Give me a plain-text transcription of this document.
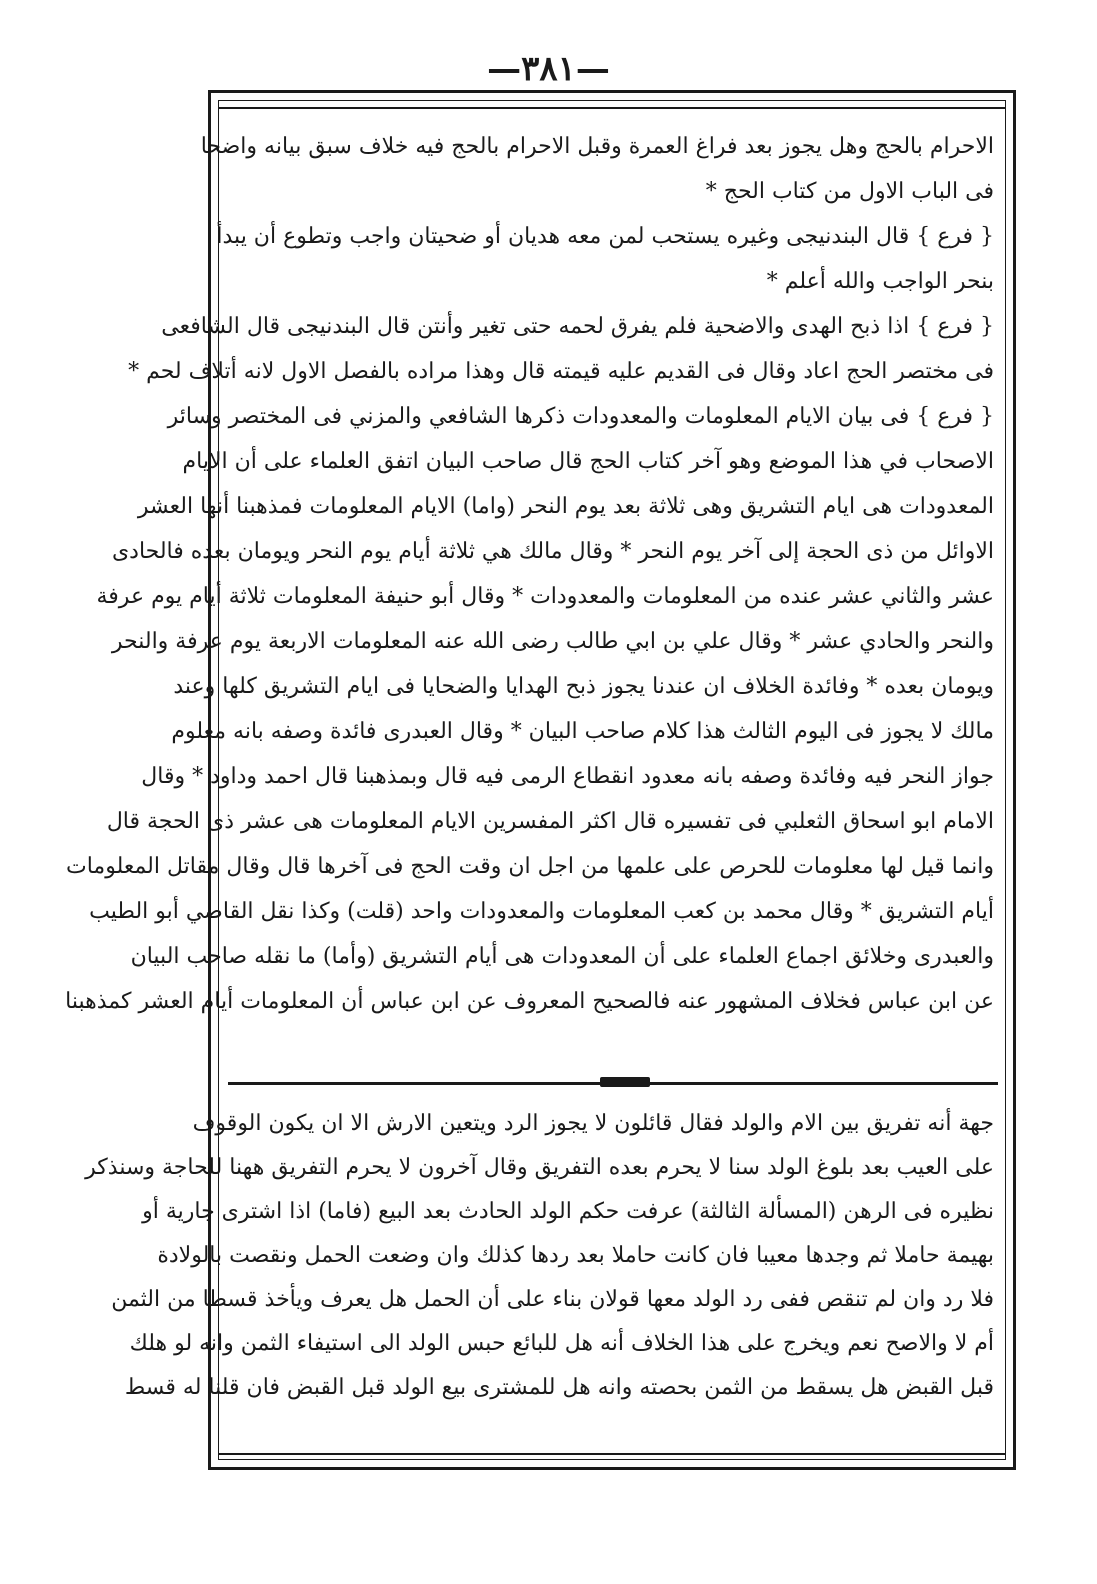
—٣٨١—
الاحرام بالحج وهل يجوز بعد فراغ العمرة وقبل الاحرام بالحج فيه خلاف سبق بيانه واضحا
فى الباب الاول من كتاب الحج *
{ فرع } قال البندنيجى وغيره يستحب لمن معه هديان أو ضحيتان واجب وتطوع أن يبدأ
بنحر الواجب والله أعلم *
{ فرع } اذا ذبح الهدى والاضحية فلم يفرق لحمه حتى تغير وأنتن قال البندنيجى قال الشافعى
فى مختصر الحج اعاد وقال فى القديم عليه قيمته قال وهذا مراده بالفصل الاول لانه أتلاف لحم *
{ فرع } فى بيان الايام المعلومات والمعدودات ذكرها الشافعي والمزني فى المختصر وسائر
الاصحاب في هذا الموضع وهو آخر كتاب الحج قال صاحب البيان اتفق العلماء على أن الايام
المعدودات هى ايام التشريق وهى ثلاثة بعد يوم النحر (واما) الايام المعلومات فمذهبنا أنها العشر
الاوائل من ذى الحجة إلى آخر يوم النحر * وقال مالك هي ثلاثة أيام يوم النحر ويومان بعده فالحادى
عشر والثاني عشر عنده من المعلومات والمعدودات * وقال أبو حنيفة المعلومات ثلاثة أيام يوم عرفة
والنحر والحادي عشر * وقال علي بن ابي طالب رضى الله عنه المعلومات الاربعة يوم عرفة والنحر
ويومان بعده * وفائدة الخلاف ان عندنا يجوز ذبح الهدايا والضحايا فى ايام التشريق كلها وعند
مالك لا يجوز فى اليوم الثالث هذا كلام صاحب البيان * وقال العبدرى فائدة وصفه بانه معلوم
جواز النحر فيه وفائدة وصفه بانه معدود انقطاع الرمى فيه قال وبمذهبنا قال احمد وداود * وقال
الامام ابو اسحاق الثعلبي فى تفسيره قال اكثر المفسرين الايام المعلومات هى عشر ذى الحجة قال
وانما قيل لها معلومات للحرص على علمها من اجل ان وقت الحج فى آخرها قال وقال مقاتل المعلومات
أيام التشريق * وقال محمد بن كعب المعلومات والمعدودات واحد (قلت) وكذا نقل القاضي أبو الطيب
والعبدرى وخلائق اجماع العلماء على أن المعدودات هى أيام التشريق (وأما) ما نقله صاحب البيان
عن ابن عباس فخلاف المشهور عنه فالصحيح المعروف عن ابن عباس أن المعلومات أيام العشر كمذهبنا
جهة أنه تفريق بين الام والولد فقال قائلون لا يجوز الرد ويتعين الارش الا ان يكون الوقوف
على العيب بعد بلوغ الولد سنا لا يحرم بعده التفريق وقال آخرون لا يحرم التفريق ههنا للحاجة وسنذكر
نظيره فى الرهن (المسألة الثالثة) عرفت حكم الولد الحادث بعد البيع (فاما) اذا اشترى جارية أو
بهيمة حاملا ثم وجدها معيبا فان كانت حاملا بعد ردها كذلك وان وضعت الحمل ونقصت بالولادة
فلا رد وان لم تنقص ففى رد الولد معها قولان بناء على أن الحمل هل يعرف ويأخذ قسطا من الثمن
أم لا والاصح نعم ويخرج على هذا الخلاف أنه هل للبائع حبس الولد الى استيفاء الثمن وانه لو هلك
قبل القبض هل يسقط من الثمن بحصته وانه هل للمشترى بيع الولد قبل القبض فان قلنا له قسط
